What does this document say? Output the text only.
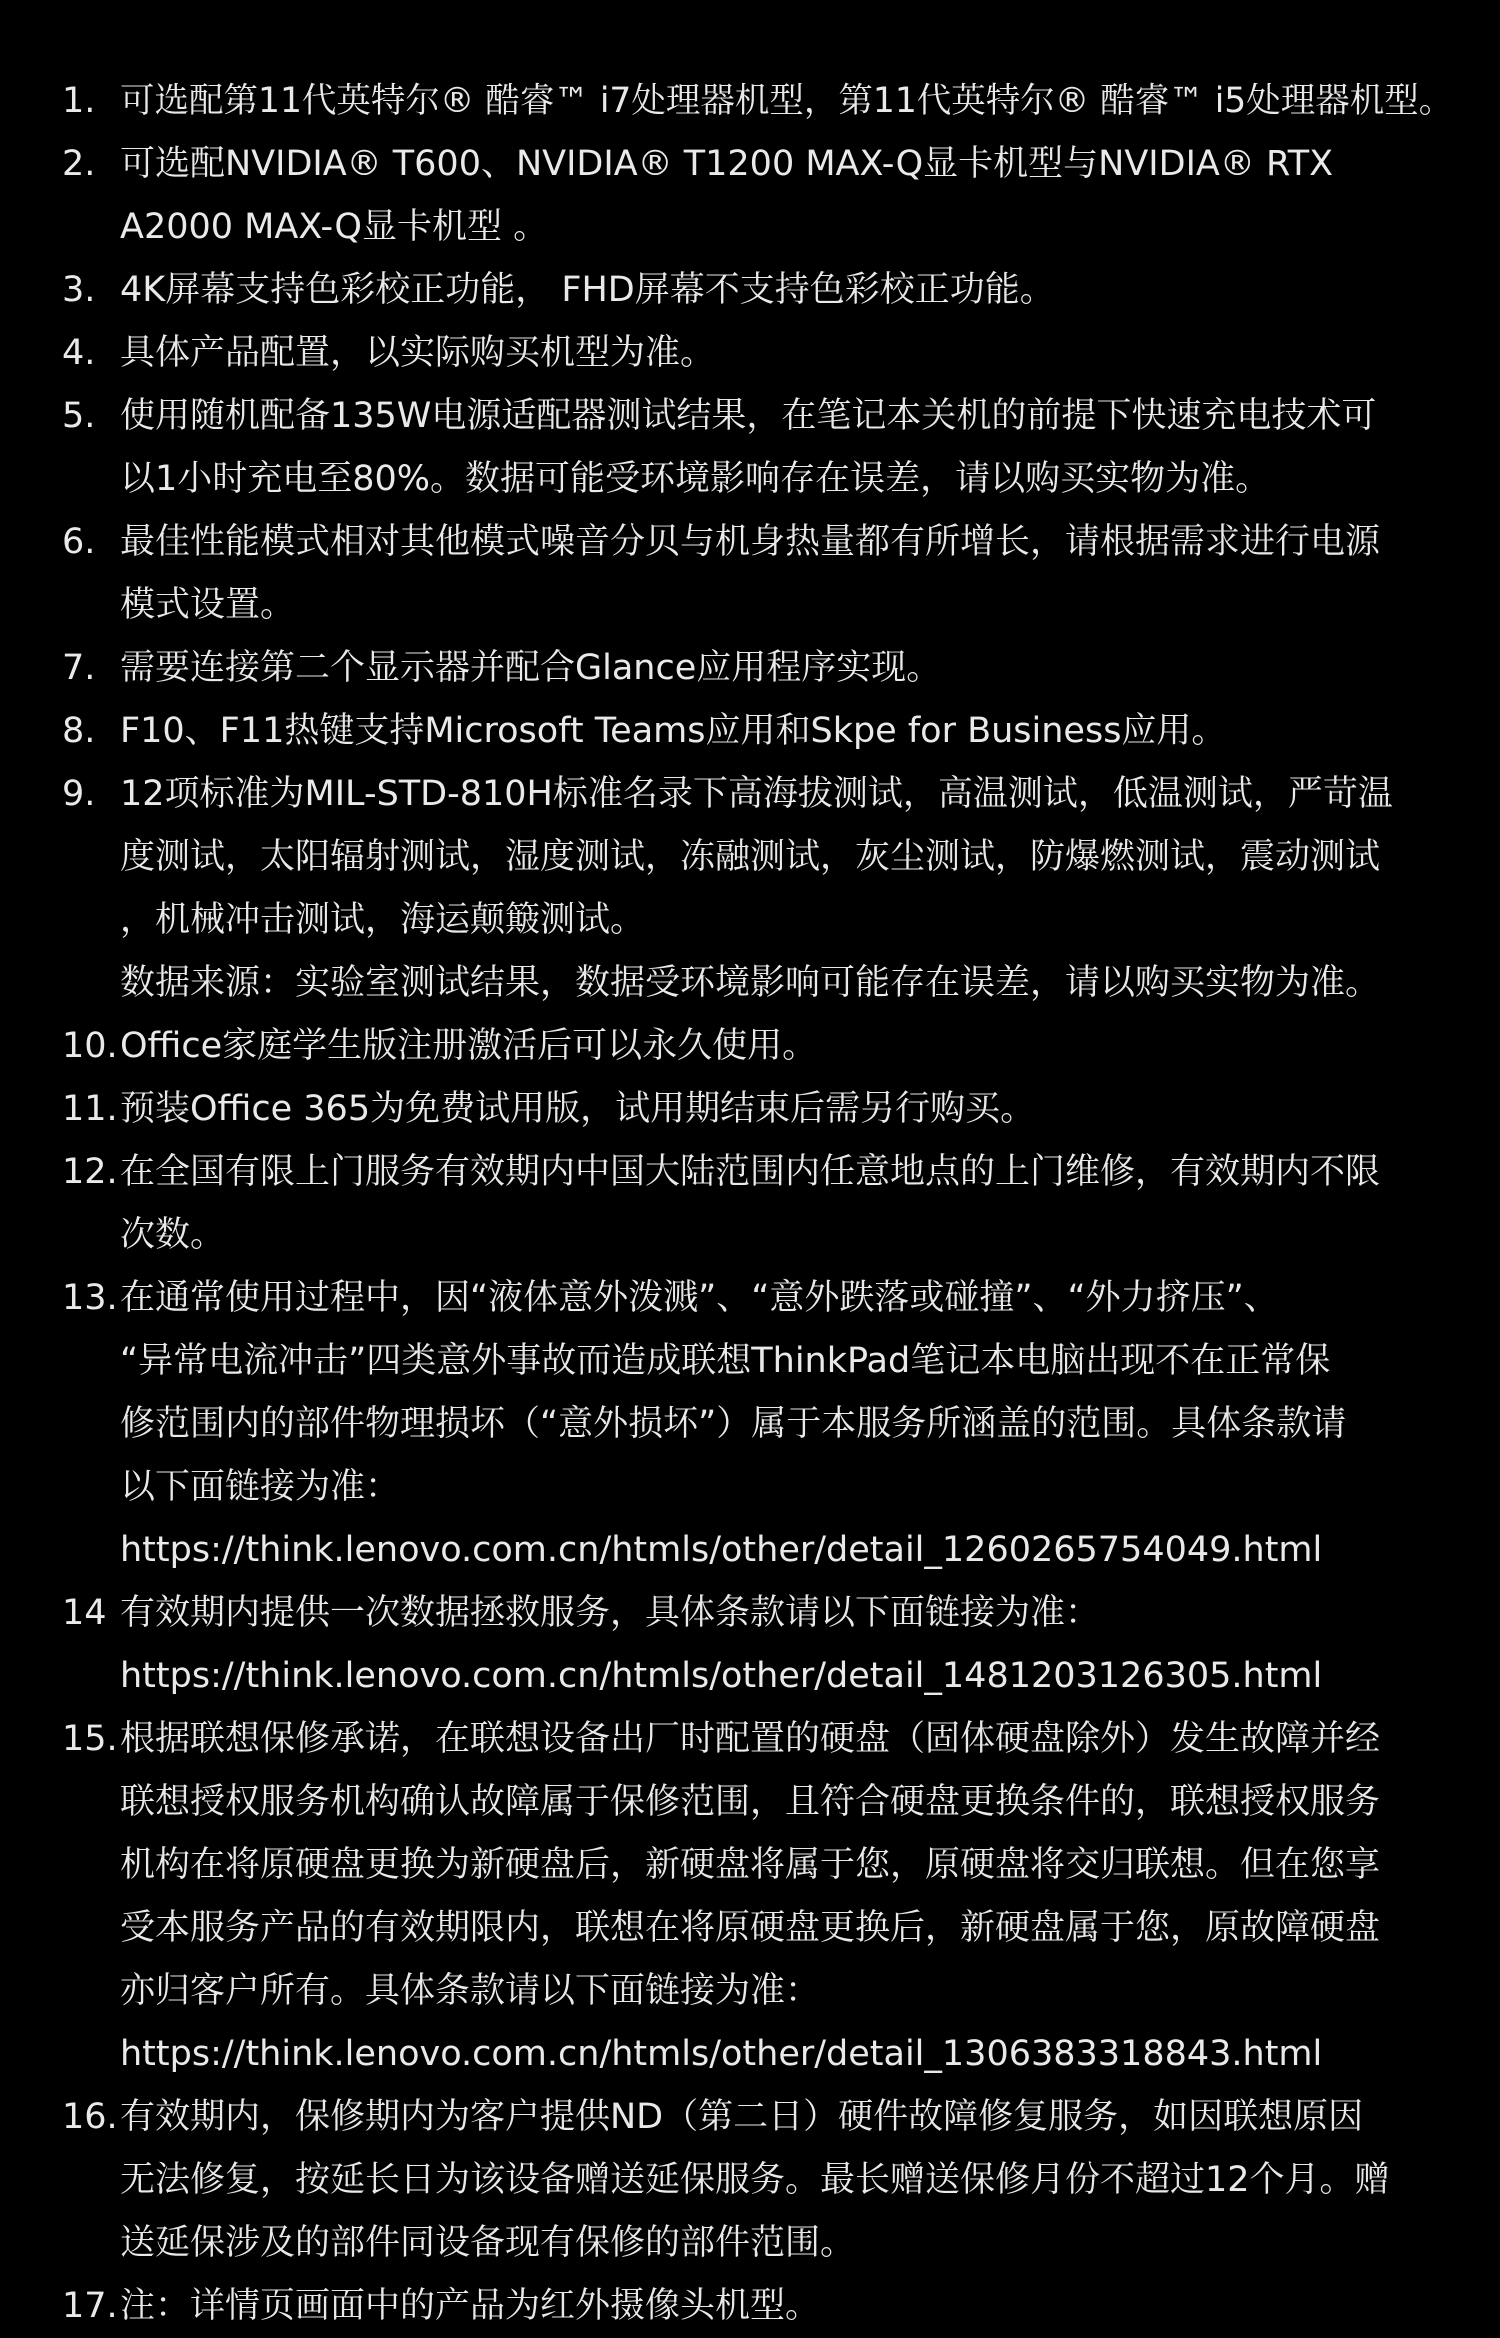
1. 可选配第11代英特尔® 酷睿™ i7处理器机型，第11代英特尔® 酷睿™ i5处理器机型。
2. 可选配NVIDIA® T600、NVIDIA® T1200 MAX-Q显卡机型与NVIDIA® RTX
A2000 MAX-Q显卡机型 。
3. 4K屏幕支持色彩校正功能， FHD屏幕不支持色彩校正功能。
4. 具体产品配置，以实际购买机型为准。
5. 使用随机配备135W电源适配器测试结果，在笔记本关机的前提下快速充电技术可
以1小时充电至80%。数据可能受环境影响存在误差，请以购买实物为准。
6. 最佳性能模式相对其他模式噪音分贝与机身热量都有所增长，请根据需求进行电源
模式设置。
7. 需要连接第二个显示器并配合Glance应用程序实现。
8. F10、F11热键支持Microsoft Teams应用和Skpe for Business应用。
9. 12项标准为MIL-STD-810H标准名录下高海拔测试，高温测试，低温测试，严苛温
度测试，太阳辐射测试，湿度测试，冻融测试，灰尘测试，防爆燃测试，震动测试
，机械冲击测试，海运颠簸测试。
数据来源：实验室测试结果，数据受环境影响可能存在误差，请以购买实物为准。
10. Office家庭学生版注册激活后可以永久使用。
11. 预装Office 365为免费试用版，试用期结束后需另行购买。
12. 在全国有限上门服务有效期内中国大陆范围内任意地点的上门维修，有效期内不限
次数。
13. 在通常使用过程中，因“液体意外泼溅”、“意外跌落或碰撞”、“外力挤压”、
“异常电流冲击”四类意外事故而造成联想ThinkPad笔记本电脑出现不在正常保
修范围内的部件物理损坏（“意外损坏”）属于本服务所涵盖的范围。具体条款请
以下面链接为准：
https://think.lenovo.com.cn/htmls/other/detail_1260265754049.html
14 有效期内提供一次数据拯救服务，具体条款请以下面链接为准：
https://think.lenovo.com.cn/htmls/other/detail_1481203126305.html
15. 根据联想保修承诺，在联想设备出厂时配置的硬盘（固体硬盘除外）发生故障并经
联想授权服务机构确认故障属于保修范围，且符合硬盘更换条件的，联想授权服务
机构在将原硬盘更换为新硬盘后，新硬盘将属于您，原硬盘将交归联想。但在您享
受本服务产品的有效期限内，联想在将原硬盘更换后，新硬盘属于您，原故障硬盘
亦归客户所有。具体条款请以下面链接为准：
https://think.lenovo.com.cn/htmls/other/detail_1306383318843.html
16. 有效期内，保修期内为客户提供ND（第二日）硬件故障修复服务，如因联想原因
无法修复，按延长日为该设备赠送延保服务。最长赠送保修月份不超过12个月。赠
送延保涉及的部件同设备现有保修的部件范围。
17. 注：详情页画面中的产品为红外摄像头机型。
